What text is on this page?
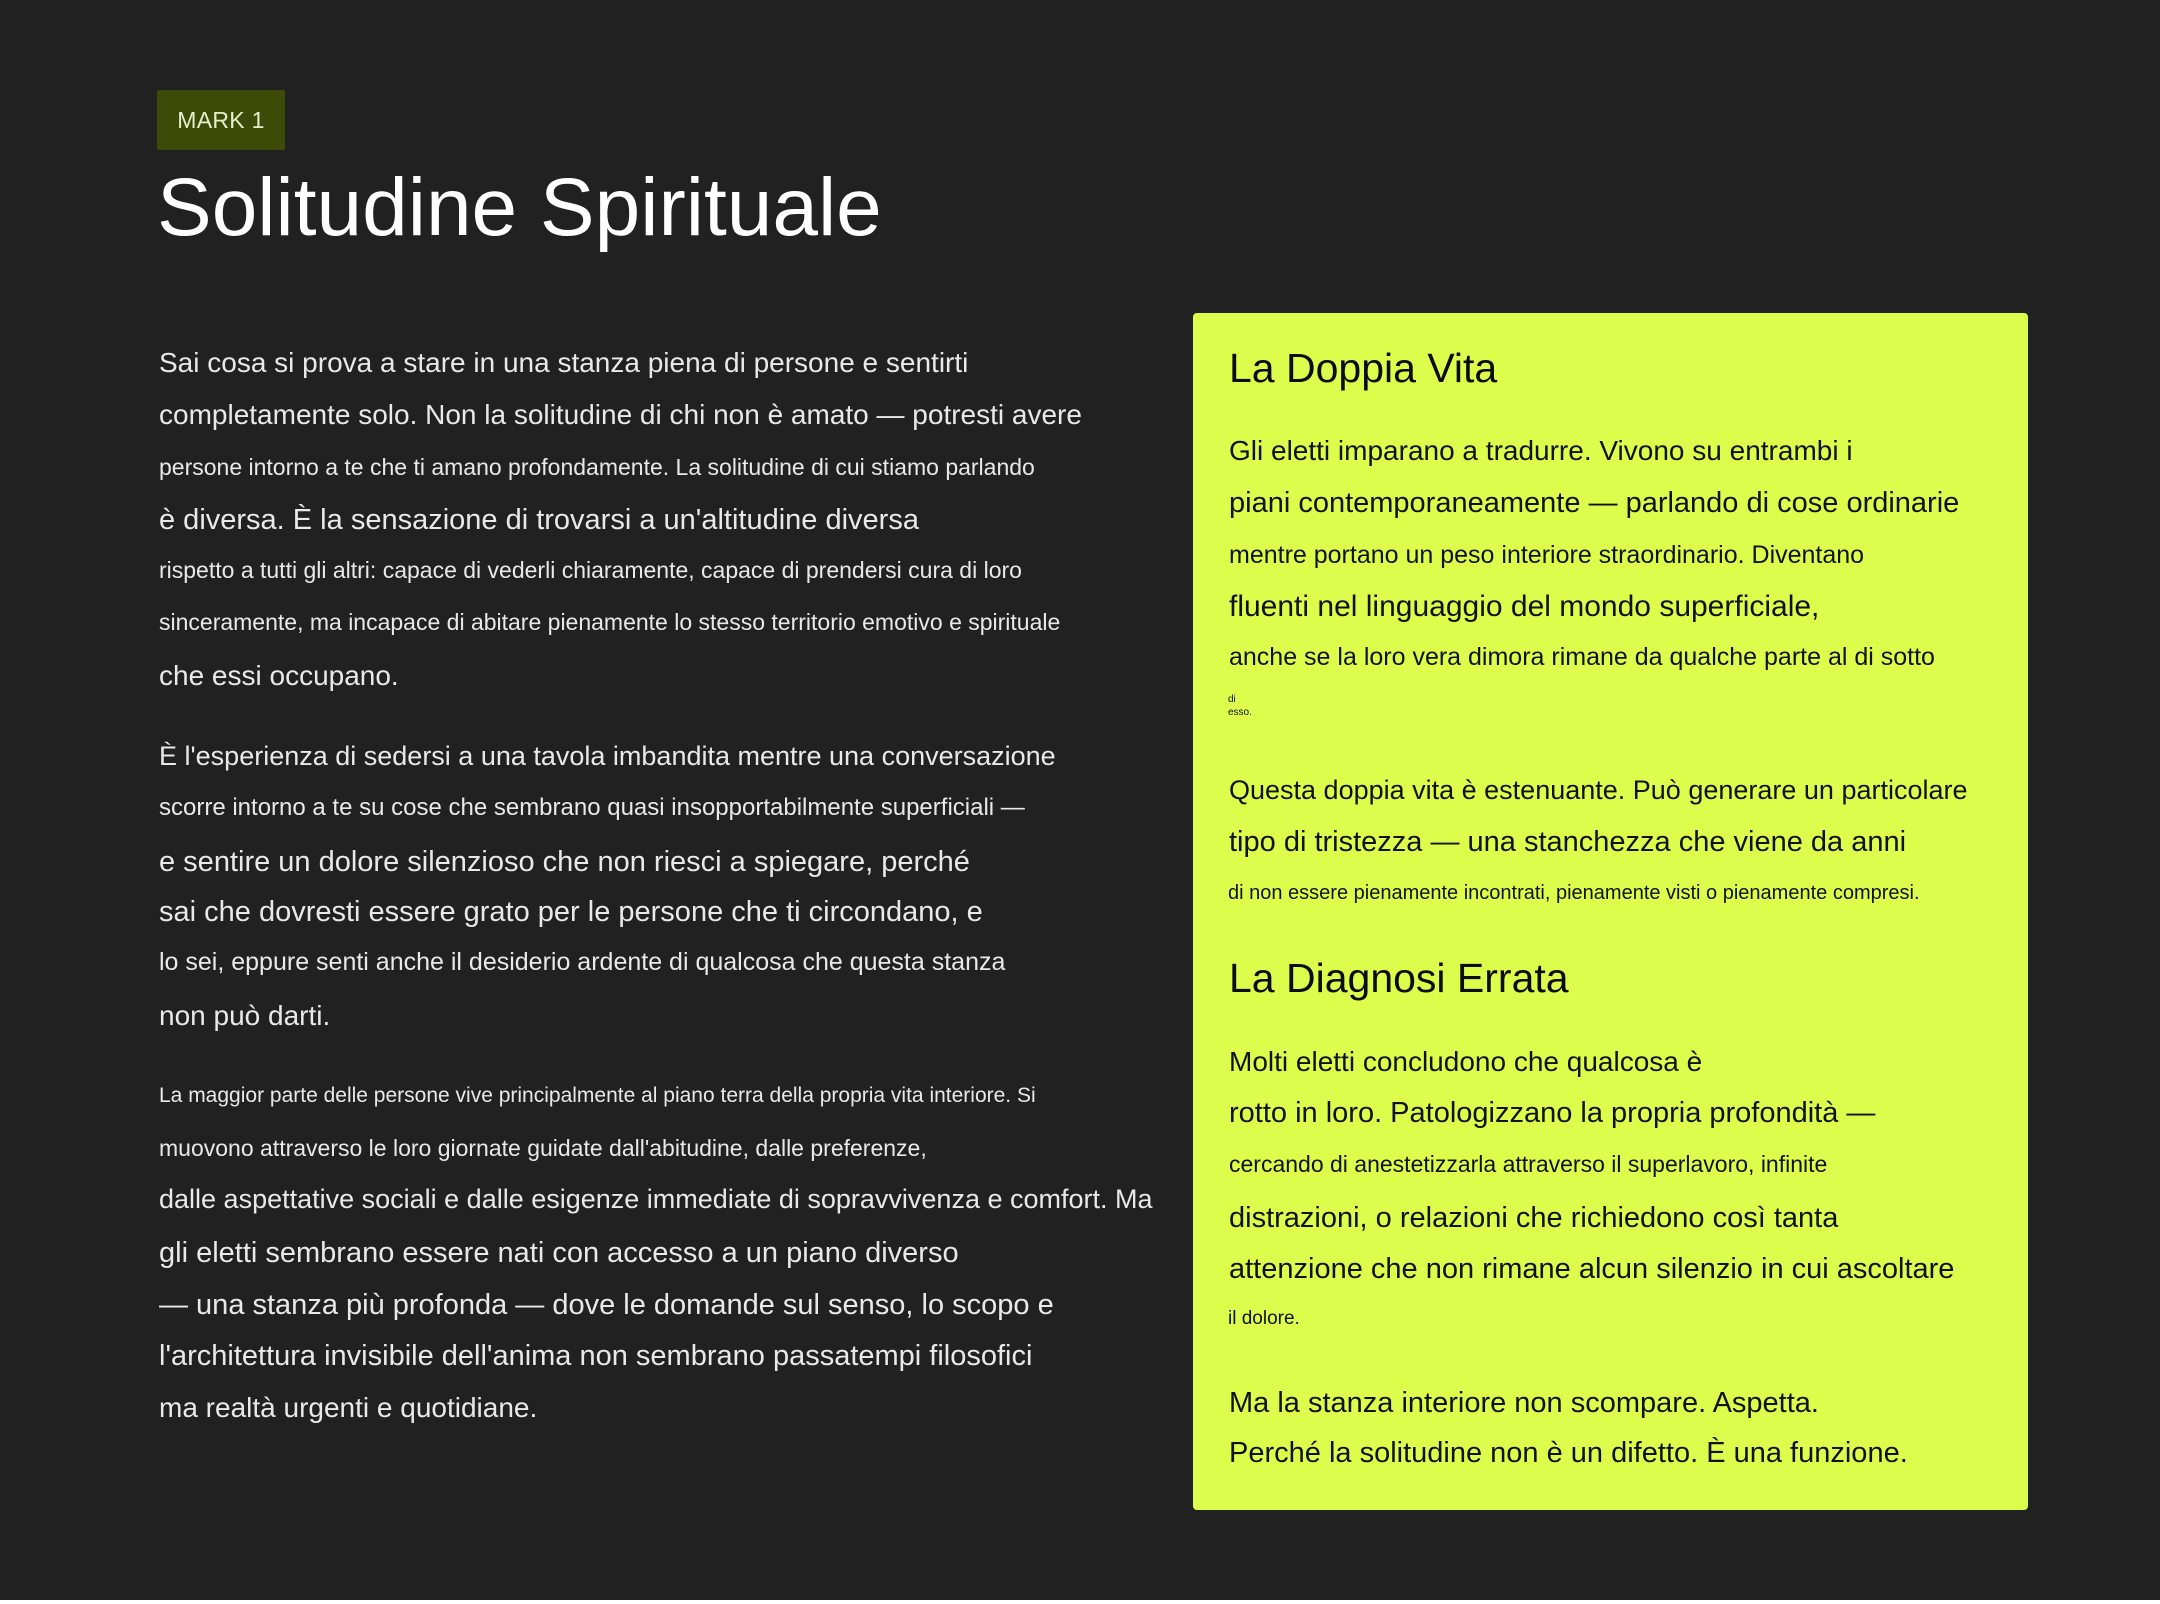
MARK 1
Solitudine Spirituale

Sai cosa si prova a stare in una stanza piena di persone e sentirti

completamente solo. Non la solitudine di chi non è amato — potresti avere

persone intorno a te che ti amano profondamente. La solitudine di cui stiamo parlando

è diversa. È la sensazione di trovarsi a un'altitudine diversa

rispetto a tutti gli altri: capace di vederli chiaramente, capace di prendersi cura di loro

sinceramente, ma incapace di abitare pienamente lo stesso territorio emotivo e spirituale

che essi occupano.

È l'esperienza di sedersi a una tavola imbandita mentre una conversazione

scorre intorno a te su cose che sembrano quasi insopportabilmente superficiali —

e sentire un dolore silenzioso che non riesci a spiegare, perché

sai che dovresti essere grato per le persone che ti circondano, e

lo sei, eppure senti anche il desiderio ardente di qualcosa che questa stanza

non può darti.

La maggior parte delle persone vive principalmente al piano terra della propria vita interiore. Si

muovono attraverso le loro giornate guidate dall'abitudine, dalle preferenze,

dalle aspettative sociali e dalle esigenze immediate di sopravvivenza e comfort. Ma

gli eletti sembrano essere nati con accesso a un piano diverso

— una stanza più profonda — dove le domande sul senso, lo scopo e

l'architettura invisibile dell'anima non sembrano passatempi filosofici

ma realtà urgenti e quotidiane.

La Doppia Vita

Gli eletti imparano a tradurre. Vivono su entrambi i

piani contemporaneamente — parlando di cose ordinarie

mentre portano un peso interiore straordinario. Diventano

fluenti nel linguaggio del mondo superficiale,

anche se la loro vera dimora rimane da qualche parte al di sotto

di

esso.

Questa doppia vita è estenuante. Può generare un particolare

tipo di tristezza — una stanchezza che viene da anni

di non essere pienamente incontrati, pienamente visti o pienamente compresi.

La Diagnosi Errata

Molti eletti concludono che qualcosa è

rotto in loro. Patologizzano la propria profondità —

cercando di anestetizzarla attraverso il superlavoro, infinite

distrazioni, o relazioni che richiedono così tanta

attenzione che non rimane alcun silenzio in cui ascoltare

il dolore.

Ma la stanza interiore non scompare. Aspetta.

Perché la solitudine non è un difetto. È una funzione.
